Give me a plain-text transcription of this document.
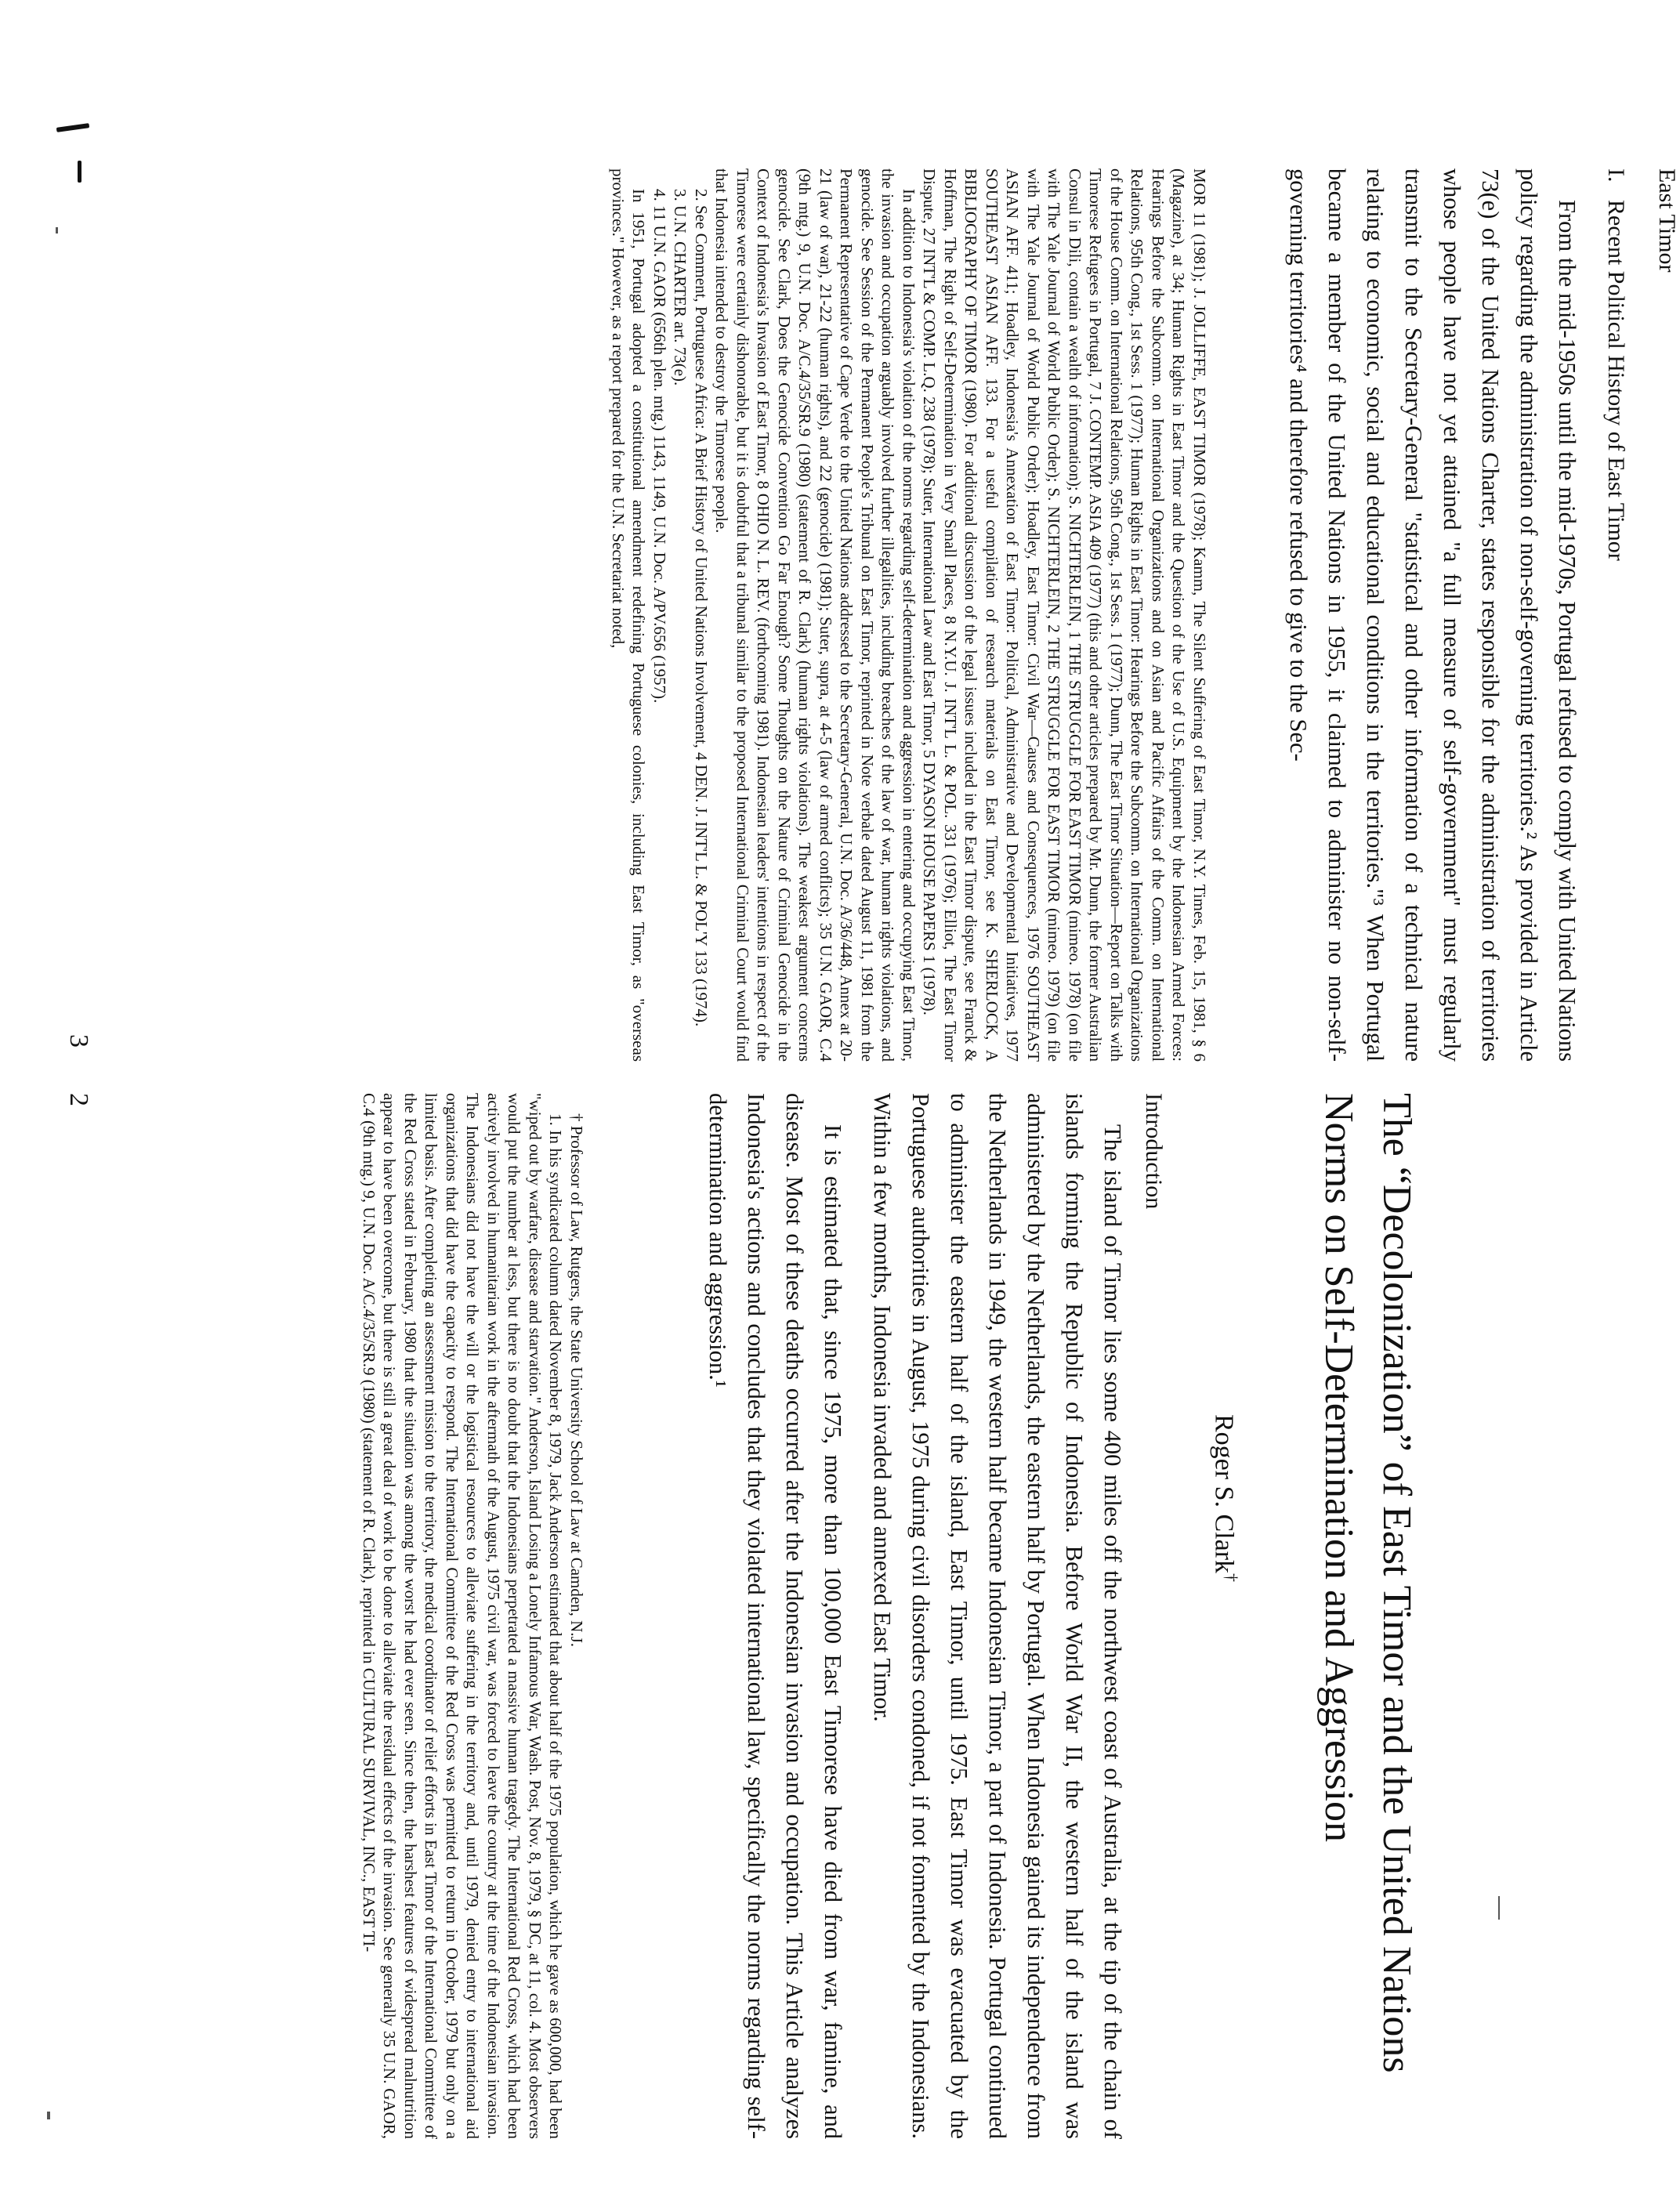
The “Decolonization” of East Timor and the United Nations Norms on Self-Determination and Aggression

Roger S. Clark†

Introduction

The island of Timor lies some 400 miles off the northwest coast of Australia, at the tip of the chain of islands forming the Republic of Indonesia. Before World War II, the western half of the island was administered by the Netherlands, the eastern half by Portugal. When Indonesia gained its independence from the Netherlands in 1949, the western half became Indonesian Timor, a part of Indonesia. Portugal continued to administer the eastern half of the island, East Timor, until 1975. East Timor was evacuated by the Portuguese authorities in August, 1975 during civil disorders condoned, if not fomented by the Indonesians. Within a few months, Indonesia invaded and annexed East Timor.

It is estimated that, since 1975, more than 100,000 East Timorese have died from war, famine, and disease. Most of these deaths occurred after the Indonesian invasion and occupation. This Article analyzes Indonesia's actions and concludes that they violated international law, specifically the norms regarding self-determination and aggression.¹

† Professor of Law, Rutgers, the State University School of Law at Camden, N.J.

1. In his syndicated column dated November 8, 1979, Jack Anderson estimated that about half of the 1975 population, which he gave as 600,000, had been "wiped out by warfare, disease and starvation." Anderson, Island Losing a Lonely Infamous War, Wash. Post, Nov. 8, 1979, § DC, at 11, col. 4. Most observers would put the number at less, but there is no doubt that the Indonesians perpetrated a massive human tragedy. The International Red Cross, which had been actively involved in humanitarian work in the aftermath of the August, 1975 civil war, was forced to leave the country at the time of the Indonesian invasion. The Indonesians did not have the will or the logistical resources to alleviate suffering in the territory and, until 1979, denied entry to international aid organizations that did have the capacity to respond. The International Committee of the Red Cross was permitted to return in October, 1979 but only on a limited basis. After completing an assessment mission to the territory, the medical coordinator of relief efforts in East Timor of the International Committee of the Red Cross stated in February, 1980 that the situation was among the worst he had ever seen. Since then, the harshest features of widespread malnutrition appear to have been overcome, but there is still a great deal of work to be done to alleviate the residual effects of the invasion. See generally 35 U.N. GAOR, C.4 (9th mtg.) 9, U.N. Doc. A/C.4/35/SR.9 (1980) (statement of R. Clark), reprinted in CULTURAL SURVIVAL, INC., EAST TI-

2

East Timor

I.   Recent Political History of East Timor

From the mid-1950s until the mid-1970s, Portugal refused to comply with United Nations policy regarding the administration of non-self-governing territories.² As provided in Article 73(e) of the United Nations Charter, states responsible for the administration of territories whose people have not yet attained "a full measure of self-government" must regularly transmit to the Secretary-General "statistical and other information of a technical nature relating to economic, social and educational conditions in the territories."³ When Portugal became a member of the United Nations in 1955, it claimed to administer no non-self-governing territories⁴ and therefore refused to give to the Sec-

MOR 11 (1981); J. JOLLIFFE, EAST TIMOR (1978); Kamm, The Silent Suffering of East Timor, N.Y. Times, Feb. 15, 1981, § 6 (Magazine), at 34; Human Rights in East Timor and the Question of the Use of U.S. Equipment by the Indonesian Armed Forces: Hearings Before the Subcomm. on International Organizations and on Asian and Pacific Affairs of the Comm. on International Relations, 95th Cong., 1st Sess. 1 (1977); Human Rights in East Timor: Hearings Before the Subcomm. on International Organizations of the House Comm. on International Relations, 95th Cong., 1st Sess. 1 (1977); Dunn, The East Timor Situation—Report on Talks with Timorese Refugees in Portugal, 7 J. CONTEMP. ASIA 409 (1977) (this and other articles prepared by Mr. Dunn, the former Australian Consul in Dili, contain a wealth of information); S. NICHTERLEIN, 1 THE STRUGGLE FOR EAST TIMOR (mimeo. 1978) (on file with The Yale Journal of World Public Order); S. NICHTERLEIN, 2 THE STRUGGLE FOR EAST TIMOR (mimeo. 1979) (on file with The Yale Journal of World Public Order); Hoadley, East Timor: Civil War—Causes and Consequences, 1976 SOUTHEAST ASIAN AFF. 411; Hoadley, Indonesia's Annexation of East Timor: Political, Administrative and Developmental Initiatives, 1977 SOUTHEAST ASIAN AFF. 133. For a useful compilation of research materials on East Timor, see K. SHERLOCK, A BIBLIOGRAPHY OF TIMOR (1980). For additional discussion of the legal issues included in the East Timor dispute, see Franck & Hoffman, The Right of Self-Determination in Very Small Places, 8 N.Y.U. J. INT'L L. & POL. 331 (1976); Elliot, The East Timor Dispute, 27 INT'L & COMP. L.Q. 238 (1978); Suter, International Law and East Timor, 5 DYASON HOUSE PAPERS 1 (1978).

In addition to Indonesia's violation of the norms regarding self-determination and aggression in entering and occupying East Timor, the invasion and occupation arguably involved further illegalities, including breaches of the law of war, human rights violations, and genocide. See Session of the Permanent People's Tribunal on East Timor, reprinted in Note verbale dated August 11, 1981 from the Permanent Representative of Cape Verde to the United Nations addressed to the Secretary-General, U.N. Doc. A/36/448, Annex at 20-21 (law of war), 21-22 (human rights), and 22 (genocide) (1981); Suter, supra, at 4-5 (law of armed conflicts); 35 U.N. GAOR, C.4 (9th mtg.) 9, U.N. Doc. A/C.4/35/SR.9 (1980) (statement of R. Clark) (human rights violations). The weakest argument concerns genocide. See Clark, Does the Genocide Convention Go Far Enough? Some Thoughts on the Nature of Criminal Genocide in the Context of Indonesia's Invasion of East Timor, 8 OHIO N. L. REV. (forthcoming 1981). Indonesian leaders' intentions in respect of the Timorese were certainly dishonorable, but it is doubtful that a tribunal similar to the proposed International Criminal Court would find that Indonesia intended to destroy the Timorese people.

2. See Comment, Portuguese Africa: A Brief History of United Nations Involvement, 4 DEN. J. INT'L L. & POL'Y 133 (1974).

3. U.N. CHARTER art. 73(e).

4. 11 U.N. GAOR (656th plen. mtg.) 1143, 1149, U.N. Doc. A/PV.656 (1957).

In 1951, Portugal adopted a constitutional amendment redefining Portuguese colonies, including East Timor, as "overseas provinces." However, as a report prepared for the U.N. Secretariat noted,

3
